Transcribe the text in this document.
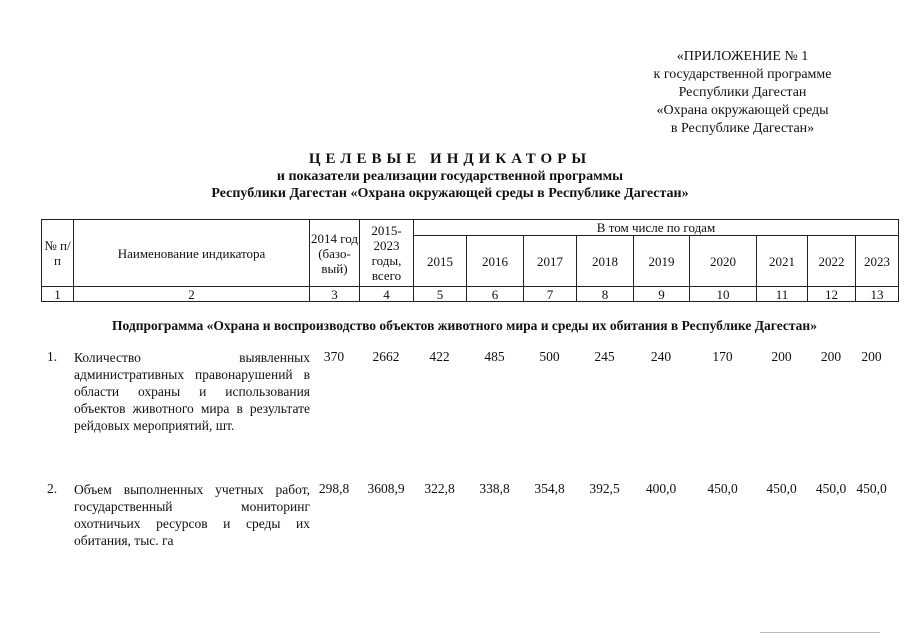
«ПРИЛОЖЕНИЕ № 1
к государственной программе
Республики Дагестан
«Охрана окружающей среды
в Республике Дагестан»
ЦЕЛЕВЫЕ ИНДИКАТОРЫ
и показатели реализации государственной программы
Республики Дагестан «Охрана окружающей среды в Республике Дагестан»
№ п/п	Наименование индикатора	2014 год (базо-вый)	2015-2023 годы, всего	В том числе по годам								
				2015	2016	2017	2018	2019	2020	2021	2022	2023
1	2	3	4	5	6	7	8	9	10	11	12	13
Подпрограмма «Охрана и воспроизводство объектов животного мира и среды их обитания в Республике Дагестан»
1. Количество выявленных административных правонарушений в области охраны и использования объектов животного мира в результате рейдовых мероприятий, шт.
370	2662	422	485	500	245	240	170	200	200	200
2. Объем выполненных учетных работ, государственный мониторинг охотничьих ресурсов и среды их обитания, тыс. га
298,8	3608,9	322,8	338,8	354,8	392,5	400,0	450,0	450,0	450,0 450,0
